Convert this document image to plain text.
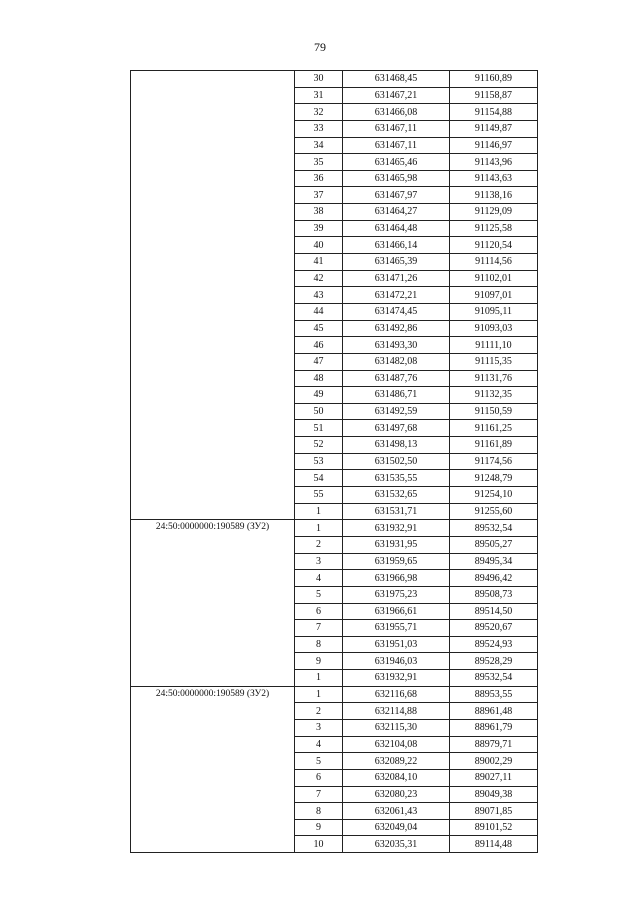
79
	30	631468,45	91160,89
	31	631467,21	91158,87
	32	631466,08	91154,88
	33	631467,11	91149,87
	34	631467,11	91146,97
	35	631465,46	91143,96
	36	631465,98	91143,63
	37	631467,97	91138,16
	38	631464,27	91129,09
	39	631464,48	91125,58
	40	631466,14	91120,54
	41	631465,39	91114,56
	42	631471,26	91102,01
	43	631472,21	91097,01
	44	631474,45	91095,11
	45	631492,86	91093,03
	46	631493,30	91111,10
	47	631482,08	91115,35
	48	631487,76	91131,76
	49	631486,71	91132,35
	50	631492,59	91150,59
	51	631497,68	91161,25
	52	631498,13	91161,89
	53	631502,50	91174,56
	54	631535,55	91248,79
	55	631532,65	91254,10
	1	631531,71	91255,60
24:50:0000000:190589 (ЗУ2)	1	631932,91	89532,54
	2	631931,95	89505,27
	3	631959,65	89495,34
	4	631966,98	89496,42
	5	631975,23	89508,73
	6	631966,61	89514,50
	7	631955,71	89520,67
	8	631951,03	89524,93
	9	631946,03	89528,29
	1	631932,91	89532,54
24:50:0000000:190589 (ЗУ2)	1	632116,68	88953,55
	2	632114,88	88961,48
	3	632115,30	88961,79
	4	632104,08	88979,71
	5	632089,22	89002,29
	6	632084,10	89027,11
	7	632080,23	89049,38
	8	632061,43	89071,85
	9	632049,04	89101,52
	10	632035,31	89114,48
